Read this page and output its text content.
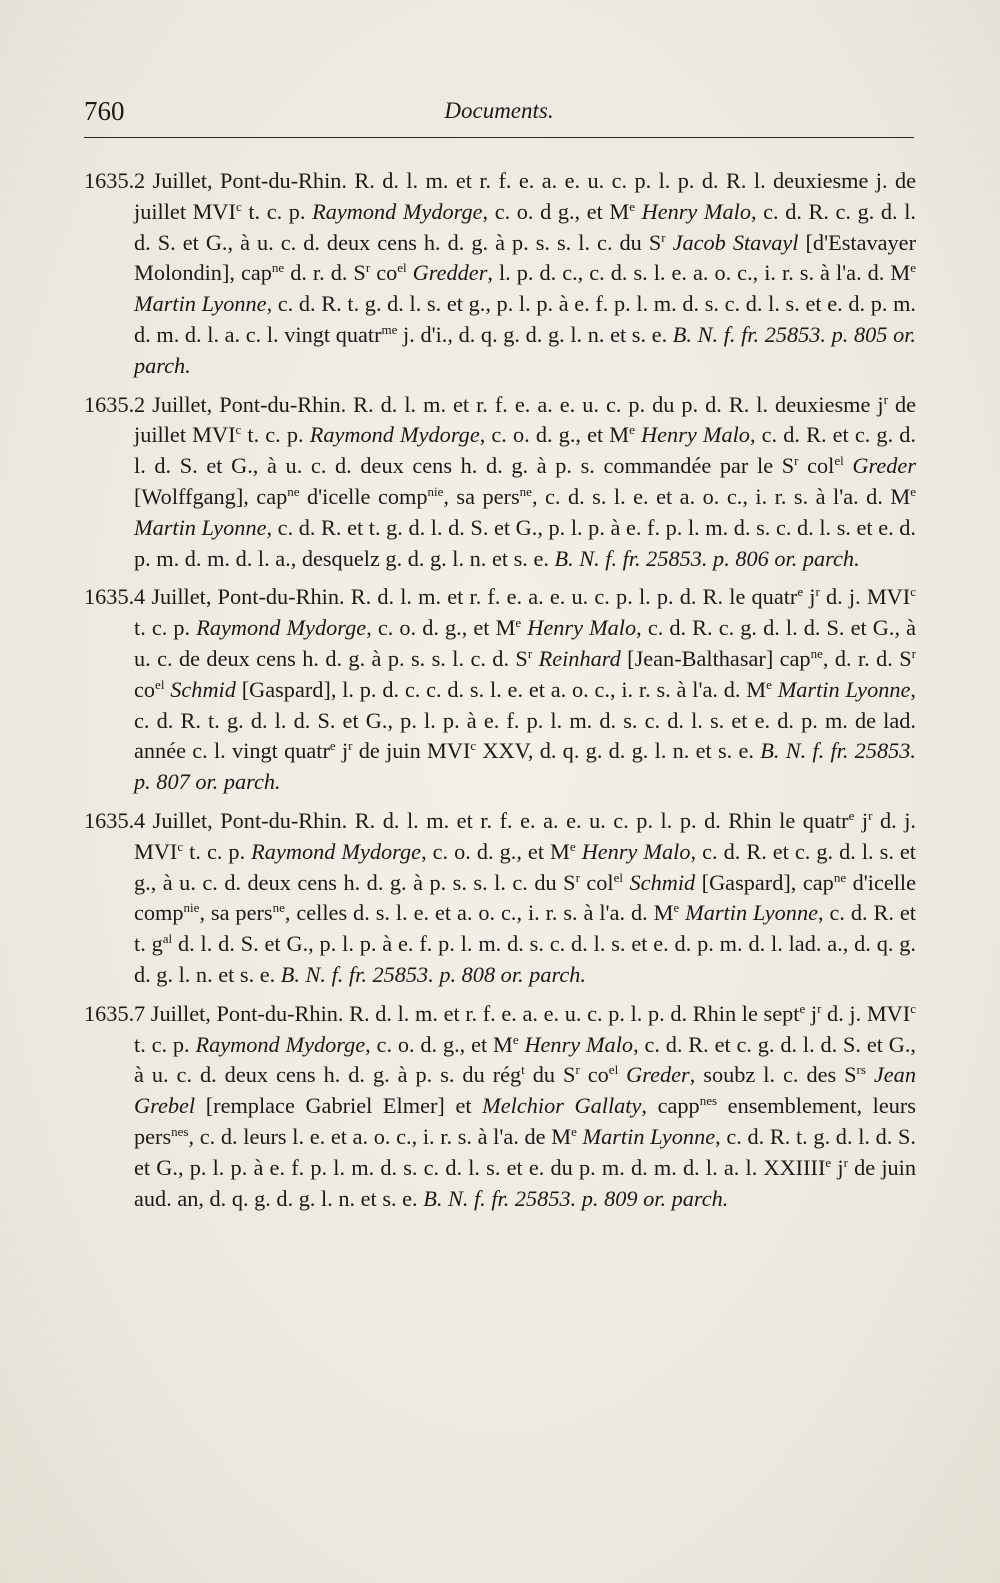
760	Documents.
1635. 2 Juillet, Pont-du-Rhin. R. d. l. m. et r. f. e. a. e. u. c. p. l. p. d. R. l. deuxiesme j. de juillet MVI$^c$ t. c. p. Raymond Mydorge, c. o. d g., et Me Henry Malo, c. d. R. c. g. d. l. d. S. et G., à u. c. d. deux cens h. d. g. à p. s. s. l. c. du $S^r$ Jacob Stavayl [d'Estavayer Molondin], cap$^{ne}$ d. r. d. $S^r$ $co^{el}$ Gredder, l. p. d. c., c. d. s. l. e. a. o. c., i. r. s. à l'a. d. Me Martin Lyonne, c. d. R. t. g. d. l. s. et g., p. l. p. à e. f. p. l. m. d. s. c. d. l. s. et e. d. p. m. d. m. d. l. a. c. l. vingt quatr$^{me}$ j. d'i., d. q. g. d. g. l. n. et s. e. B. N. f. fr. 25853. p. 805 or. parch.
1635. 2 Juillet, Pont-du-Rhin. R. d. l. m. et r. f. e. a. e. u. c. p. du p. d. R. l. deuxiesme $j^r$ de juillet MVI$^c$ t. c. p. Raymond Mydorge, c. o. d. g., et Me Henry Malo, c. d. R. et c. g. d. l. d. S. et G., à u. c. d. deux cens h. d. g. à p. s. commandée par le $S^r$ col$^{el}$ Greder [Wolffgang], cap$^{ne}$ d'icelle comp$^{nie}$, sa pers$^{ne}$, c. d. s. l. e. et a. o. c., i. r. s. à l'a. d. Me Martin Lyonne, c. d. R. et t. g. d. l. d. S. et G., p. l. p. à e. f. p. l. m. d. s. c. d. l. s. et e. d. p. m. d. m. d. l. a., desquelz g. d. g. l. n. et s. e. B. N. f. fr. 25853. p. 806 or. parch.
1635. 4 Juillet, Pont-du-Rhin. R. d. l. m. et r. f. e. a. e. u. c. p. l. p. d. R. le quatr$^e$ $j^r$ d. j. MVI$^c$ t. c. p. Raymond Mydorge, c. o. d. g., et Me Henry Malo, c. d. R. c. g. d. l. d. S. et G., à u. c. de deux cens h. d. g. à p. s. s. l. c. d. $S^r$ Reinhard [Jean-Balthasar] cap$^{ne}$, d. r. d. $S^r$ $co^{el}$ Schmid [Gaspard], l. p. d. c. c. d. s. l. e. et a. o. c., i. r. s. à l'a. d. Me Martin Lyonne, c. d. R. t. g. d. l. d. S. et G., p. l. p. à e. f. p. l. m. d. s. c. d. l. s. et e. d. p. m. de lad. année c. l. vingt quatr$^e$ $j^r$ de juin MVI$^c$ XXV, d. q. g. d. g. l. n. et s. e. B. N. f. fr. 25853. p. 807 or. parch.
1635. 4 Juillet, Pont-du-Rhin. R. d. l. m. et r. f. e. a. e. u. c. p. l. p. d. Rhin le quatr$^e$ $j^r$ d. j. MVI$^c$ t. c. p. Raymond Mydorge, c. o. d. g., et Me Henry Malo, c. d. R. et c. g. d. l. s. et g., à u. c. d. deux cens h. d. g. à p. s. s. l. c. du $S^r$ col$^{el}$ Schmid [Gaspard], cap$^{ne}$ d'icelle comp$^{nie}$, sa pers$^{ne}$, celles d. s. l. e. et a. o. c., i. r. s. à l'a. d. Me Martin Lyonne, c. d. R. et t. $g^{al}$ d. l. d. S. et G., p. l. p. à e. f. p. l. m. d. s. c. d. l. s. et e. d. p. m. d. l. lad. a., d. q. g. d. g. l. n. et s. e. B. N. f. fr. 25853. p. 808 or. parch.
1635. 7 Juillet, Pont-du-Rhin. R. d. l. m. et r. f. e. a. e. u. c. p. l. p. d. Rhin le sept$^e$ $j^r$ d. j. MVI$^c$ t. c. p. Raymond Mydorge, c. o. d. g., et Me Henry Malo, c. d. R. et c. g. d. l. d. S. et G., à u. c. d. deux cens h. d. g. à p. s. du rég$^t$ du $S^r$ $co^{el}$ Greder, soubz l. c. des $S^{rs}$ Jean Grebel [remplace Gabriel Elmer] et Melchior Gallaty, capp$^{nes}$ ensemblement, leurs pers$^{nes}$, c. d. leurs l. e. et a. o. c., i. r. s. à l'a. de Me Martin Lyonne, c. d. R. t. g. d. l. d. S. et G., p. l. p. à e. f. p. l. m. d. s. c. d. l. s. et e. du p. m. d. m. d. l. a. l. XXIIIIe $j^r$ de juin aud. an, d. q. g. d. g. l. n. et s. e. B. N. f. fr. 25853. p. 809 or. parch.
